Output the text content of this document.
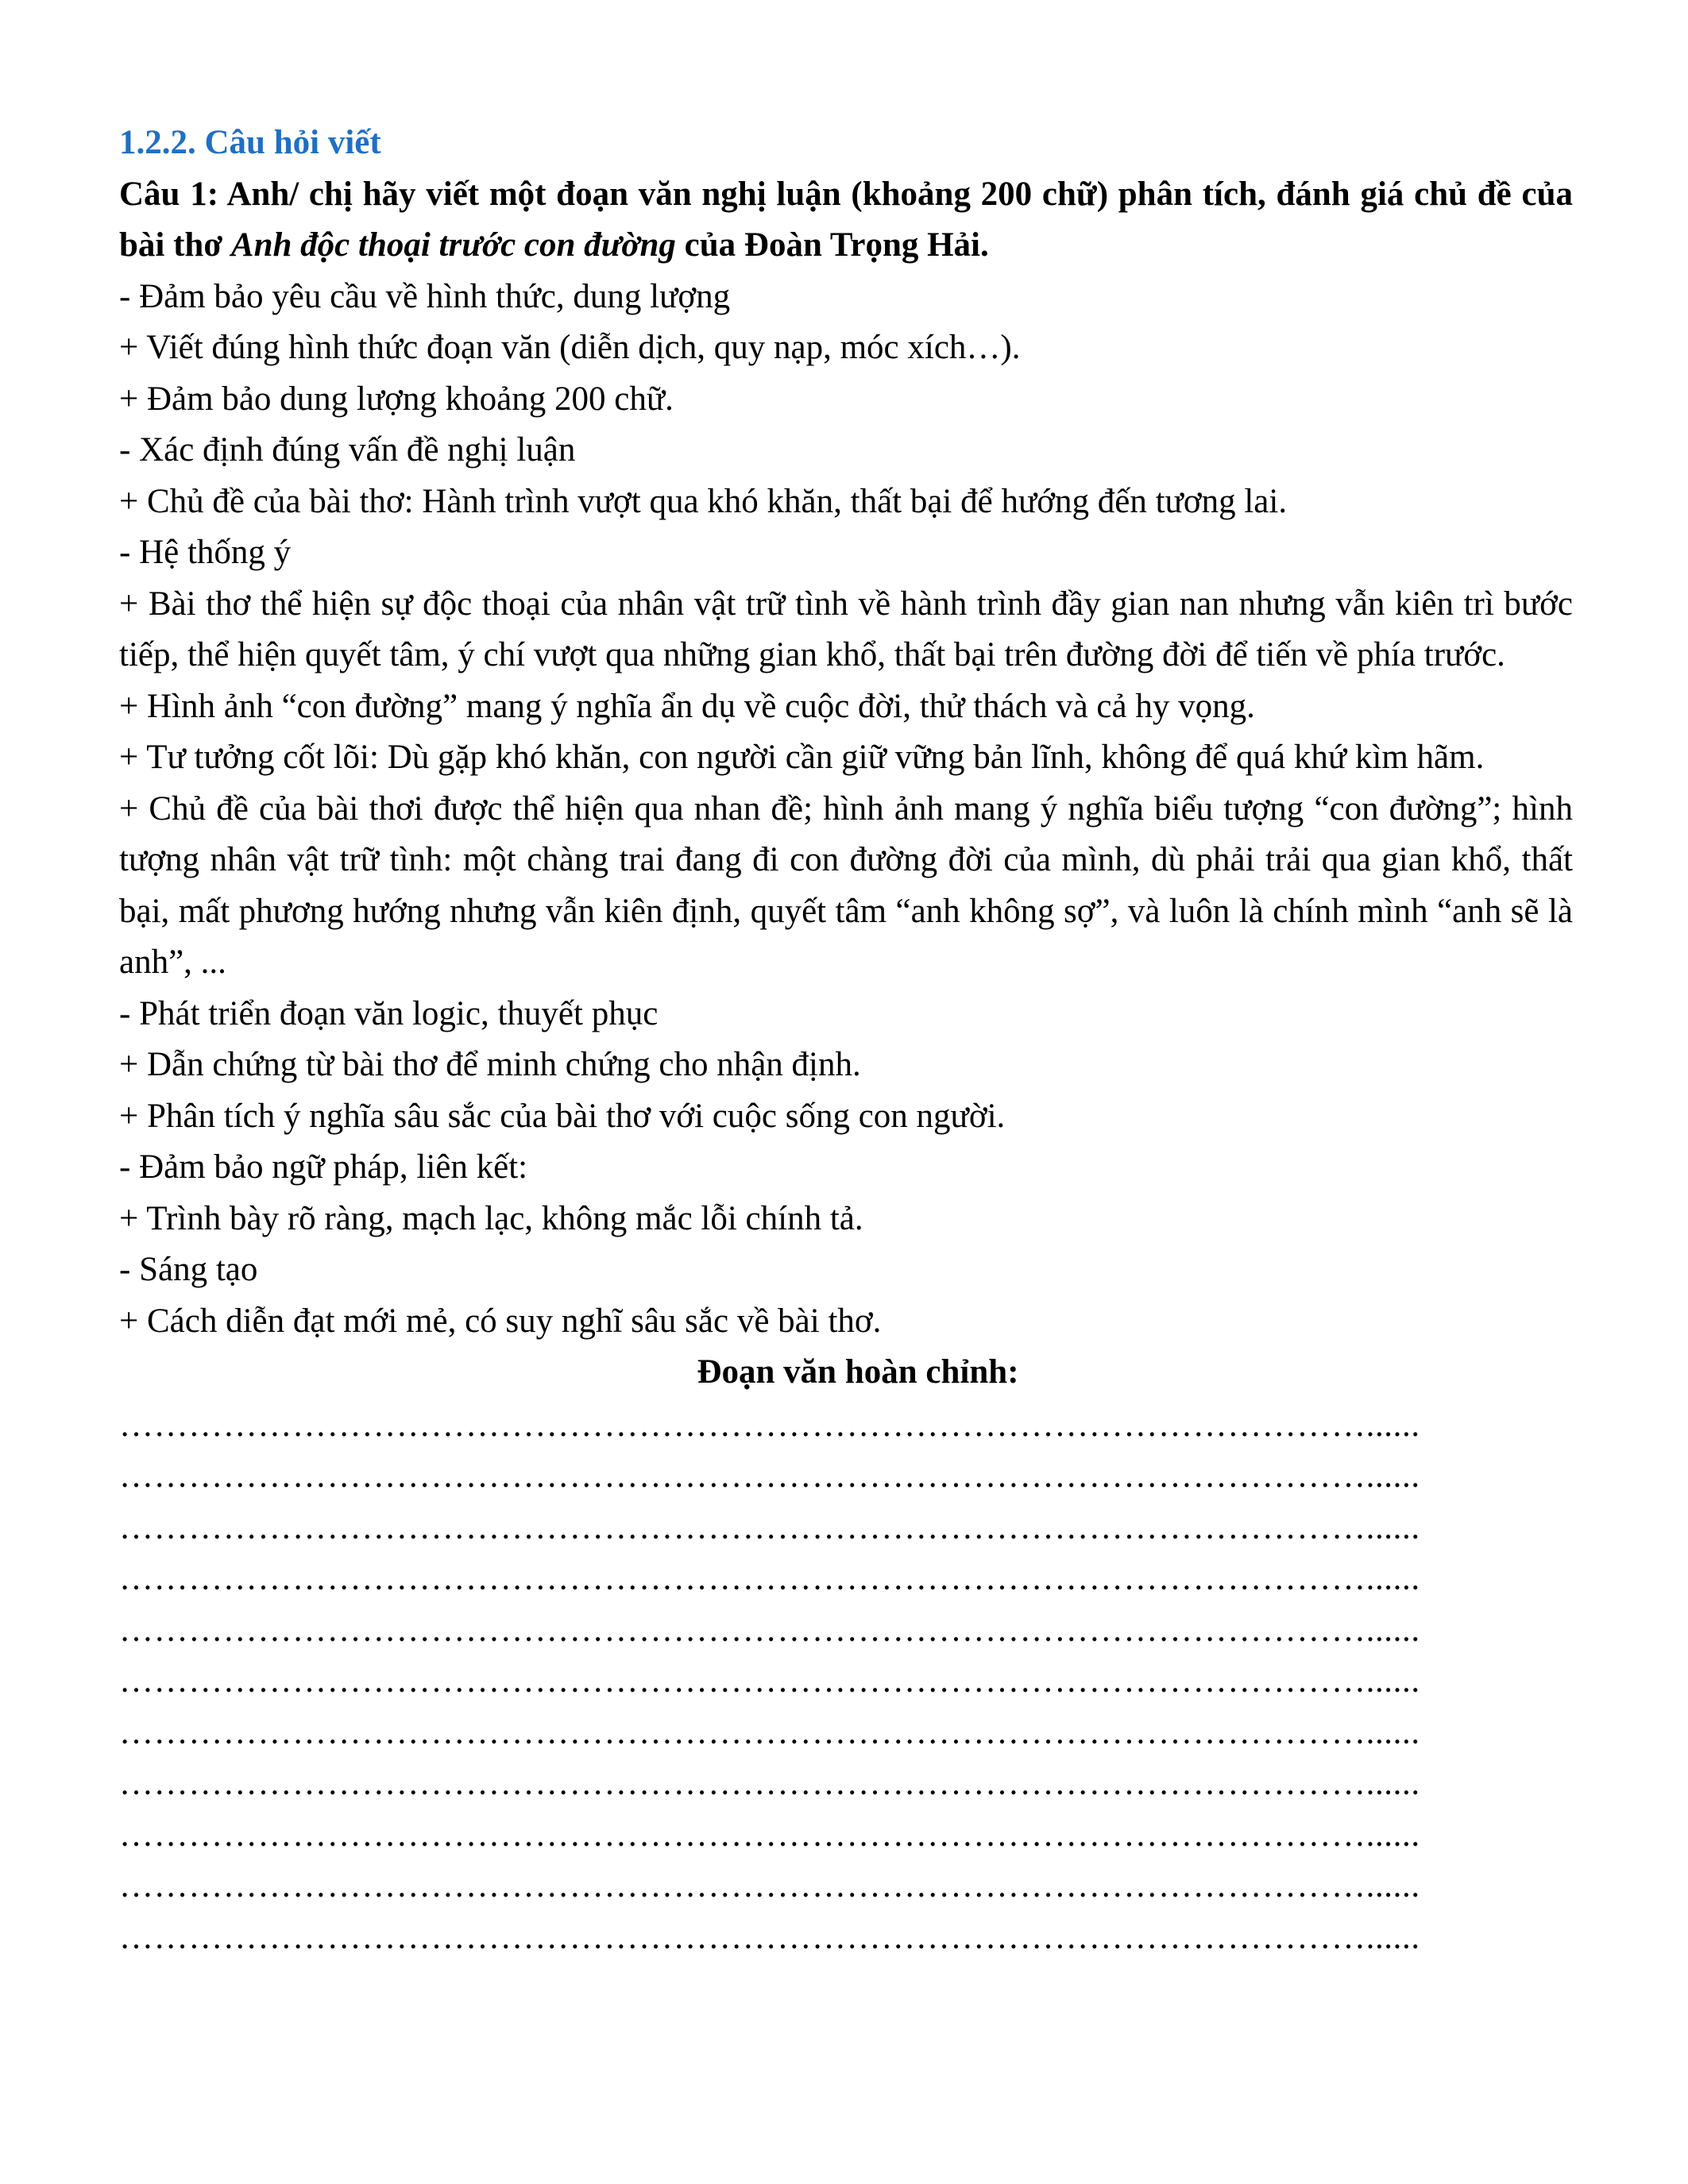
1.2.2. Câu hỏi viết

Câu 1: Anh/ chị hãy viết một đoạn văn nghị luận (khoảng 200 chữ) phân tích, đánh giá chủ đề của bài thơ Anh độc thoại trước con đường của Đoàn Trọng Hải.

- Đảm bảo yêu cầu về hình thức, dung lượng

+ Viết đúng hình thức đoạn văn (diễn dịch, quy nạp, móc xích…).

+ Đảm bảo dung lượng khoảng 200 chữ.

- Xác định đúng vấn đề nghị luận

+ Chủ đề của bài thơ: Hành trình vượt qua khó khăn, thất bại để hướng đến tương lai.

- Hệ thống ý

+ Bài thơ thể hiện sự độc thoại của nhân vật trữ tình về hành trình đầy gian nan nhưng vẫn kiên trì bước tiếp, thể hiện quyết tâm, ý chí vượt qua những gian khổ, thất bại trên đường đời để tiến về phía trước.

+ Hình ảnh “con đường” mang ý nghĩa ẩn dụ về cuộc đời, thử thách và cả hy vọng.

+ Tư tưởng cốt lõi: Dù gặp khó khăn, con người cần giữ vững bản lĩnh, không để quá khứ kìm hãm.

+ Chủ đề của bài thơi được thể hiện qua nhan đề; hình ảnh mang ý nghĩa biểu tượng “con đường”; hình tượng nhân vật trữ tình: một chàng trai đang đi con đường đời của mình, dù phải trải qua gian khổ, thất bại, mất phương hướng nhưng vẫn kiên định, quyết tâm “anh không sợ”, và luôn là chính mình “anh sẽ là anh”, ...

- Phát triển đoạn văn logic, thuyết phục

+ Dẫn chứng từ bài thơ để minh chứng cho nhận định.

+ Phân tích ý nghĩa sâu sắc của bài thơ với cuộc sống con người.

- Đảm bảo ngữ pháp, liên kết:

+ Trình bày rõ ràng, mạch lạc, không mắc lỗi chính tả.

- Sáng tạo

+ Cách diễn đạt mới mẻ, có suy nghĩ sâu sắc về bài thơ.

Đoạn văn hoàn chỉnh:

………………………………………………………………………………………………......

………………………………………………………………………………………………......

………………………………………………………………………………………………......

………………………………………………………………………………………………......

………………………………………………………………………………………………......

………………………………………………………………………………………………......

………………………………………………………………………………………………......

………………………………………………………………………………………………......

………………………………………………………………………………………………......

………………………………………………………………………………………………......

………………………………………………………………………………………………......
